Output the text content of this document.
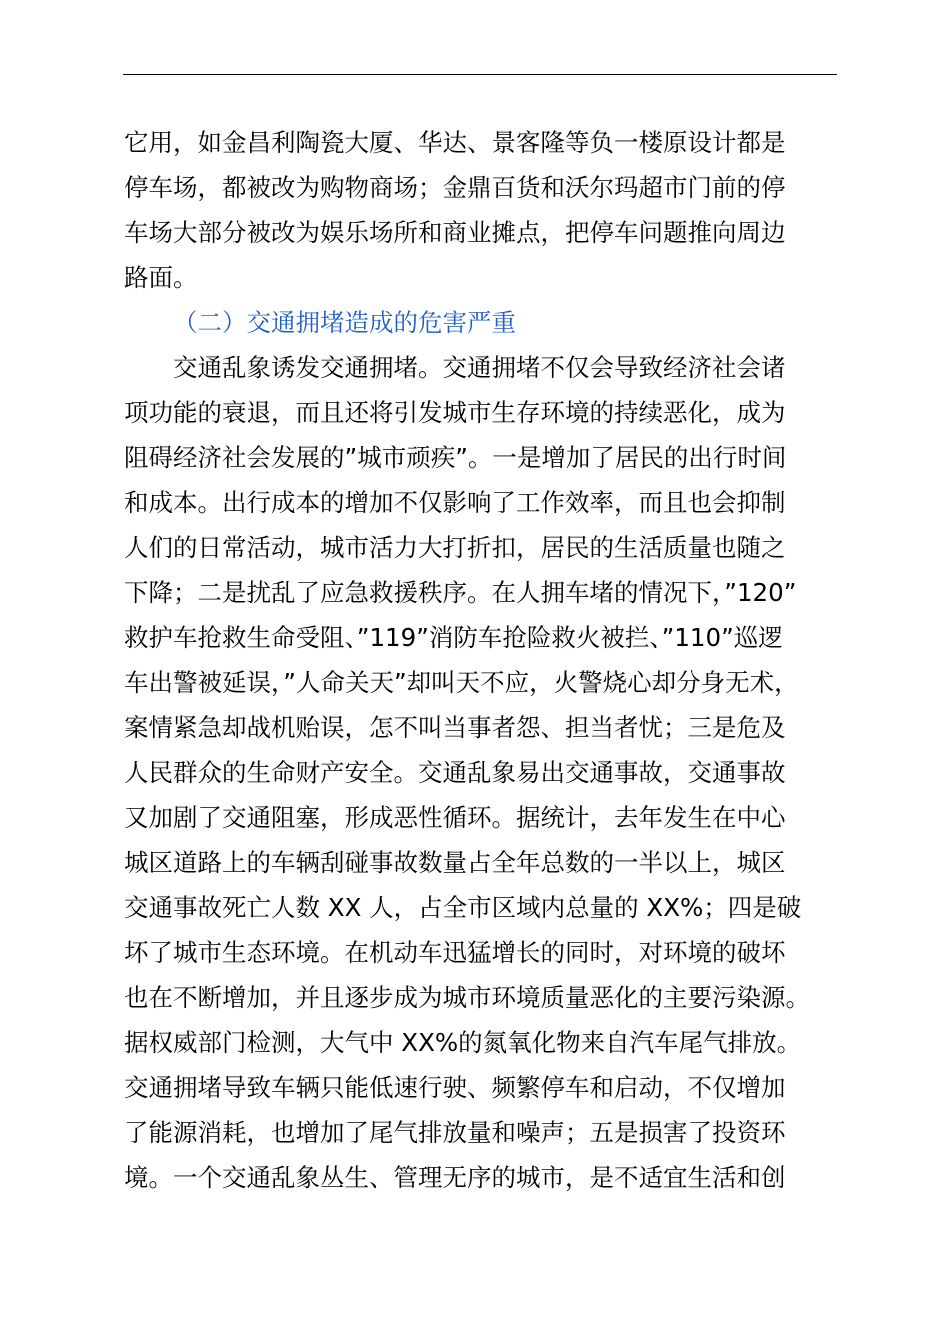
它用，如金昌利陶瓷大厦、华达、景客隆等负一楼原设计都是
停车场，都被改为购物商场；金鼎百货和沃尔玛超市门前的停
车场大部分被改为娱乐场所和商业摊点，把停车问题推向周边
路面。
（二）交通拥堵造成的危害严重
交通乱象诱发交通拥堵。交通拥堵不仅会导致经济社会诸
项功能的衰退，而且还将引发城市生存环境的持续恶化，成为
阻碍经济社会发展的”城市顽疾”。一是增加了居民的出行时间
和成本。出行成本的增加不仅影响了工作效率，而且也会抑制
人们的日常活动，城市活力大打折扣，居民的生活质量也随之
下降；二是扰乱了应急救援秩序。在人拥车堵的情况下，”120”
救护车抢救生命受阻、”119”消防车抢险救火被拦、”110”巡逻
车出警被延误，”人命关天”却叫天不应，火警烧心却分身无术，
案情紧急却战机贻误，怎不叫当事者怨、担当者忧；三是危及
人民群众的生命财产安全。交通乱象易出交通事故，交通事故
又加剧了交通阻塞，形成恶性循环。据统计，去年发生在中心
城区道路上的车辆刮碰事故数量占全年总数的一半以上，城区
交通事故死亡人数 XX 人，占全市区域内总量的 XX%；四是破
坏了城市生态环境。在机动车迅猛增长的同时，对环境的破坏
也在不断增加，并且逐步成为城市环境质量恶化的主要污染源。
据权威部门检测，大气中 XX%的氮氧化物来自汽车尾气排放。
交通拥堵导致车辆只能低速行驶、频繁停车和启动，不仅增加
了能源消耗，也增加了尾气排放量和噪声；五是损害了投资环
境。一个交通乱象丛生、管理无序的城市，是不适宜生活和创
